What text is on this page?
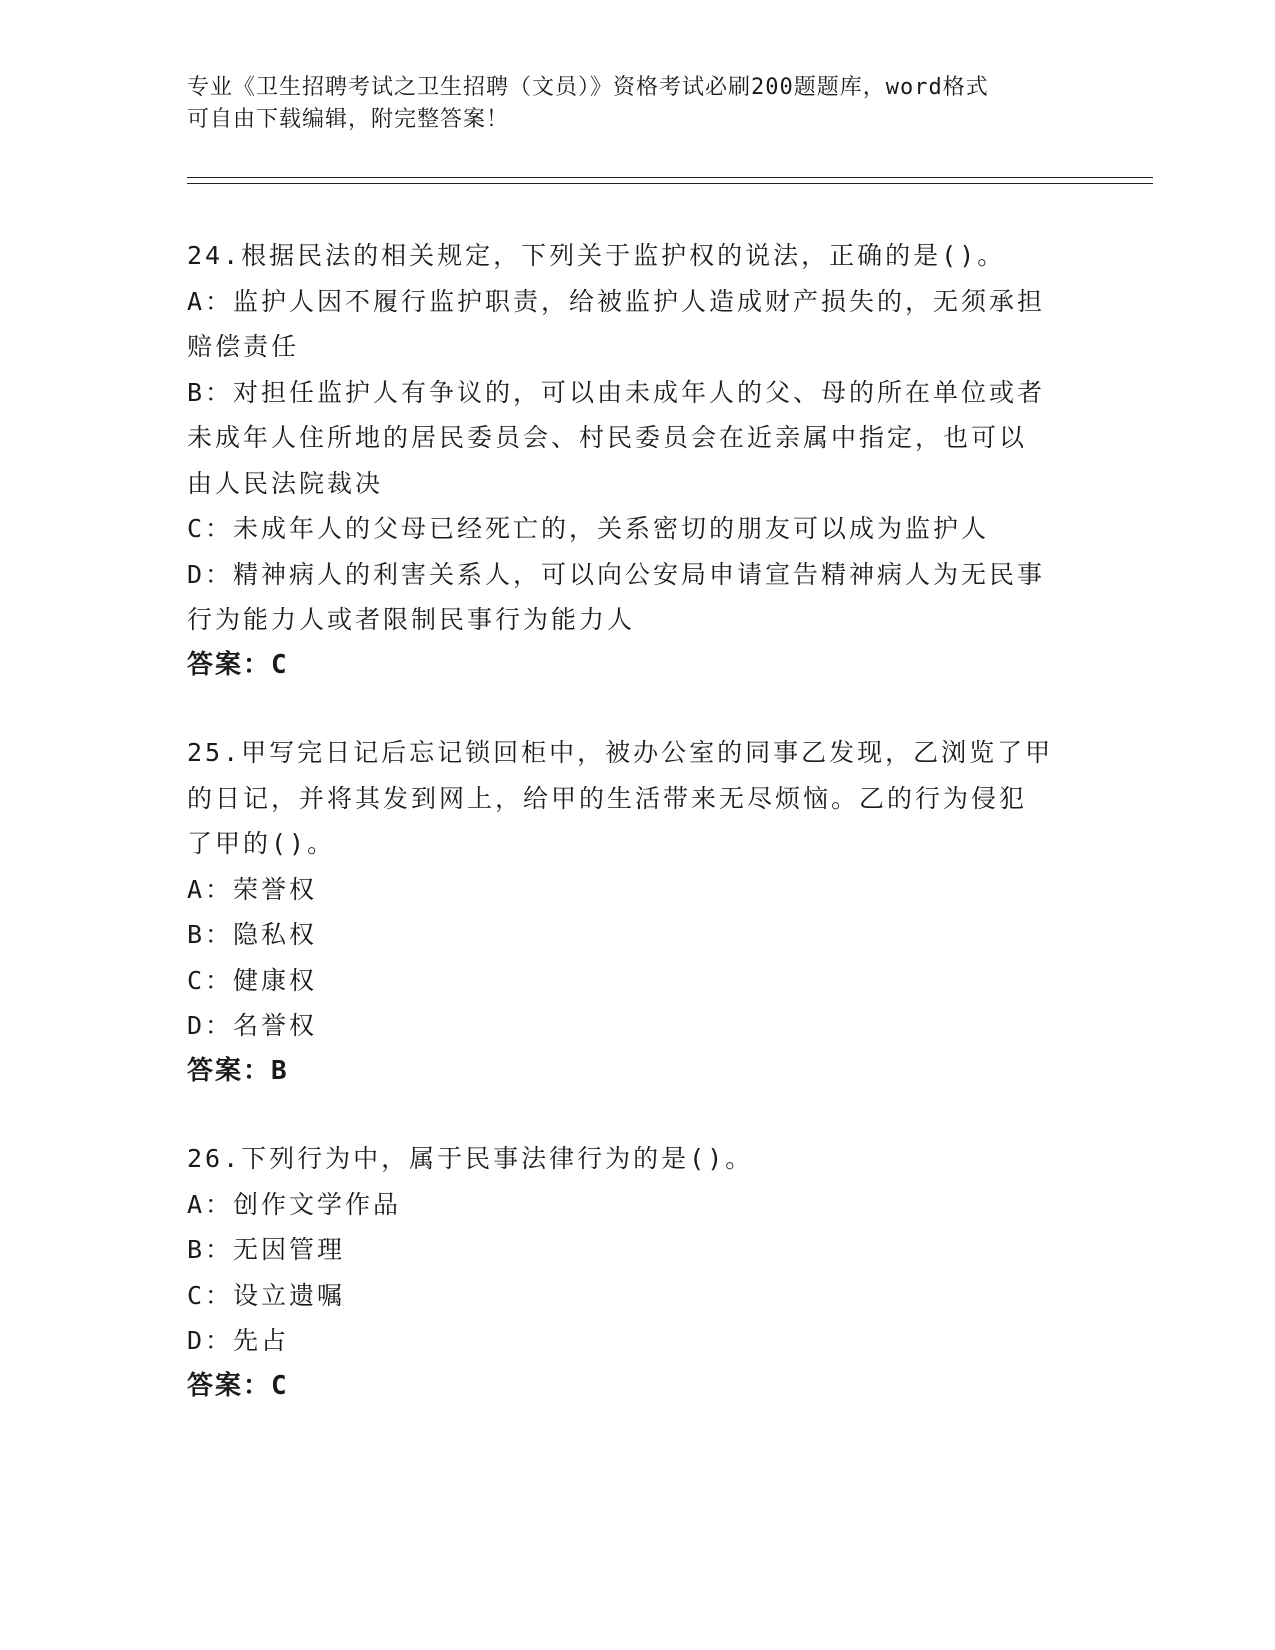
专业《卫生招聘考试之卫生招聘（文员）》资格考试必刷200题题库，word格式
可自由下载编辑，附完整答案！
24.根据民法的相关规定，下列关于监护权的说法，正确的是()。
A：监护人因不履行监护职责，给被监护人造成财产损失的，无须承担
赔偿责任
B：对担任监护人有争议的，可以由未成年人的父、母的所在单位或者
未成年人住所地的居民委员会、村民委员会在近亲属中指定，也可以
由人民法院裁决
C：未成年人的父母已经死亡的，关系密切的朋友可以成为监护人
D：精神病人的利害关系人，可以向公安局申请宣告精神病人为无民事
行为能力人或者限制民事行为能力人
答案：C
25.甲写完日记后忘记锁回柜中，被办公室的同事乙发现，乙浏览了甲
的日记，并将其发到网上，给甲的生活带来无尽烦恼。乙的行为侵犯
了甲的()。
A：荣誉权
B：隐私权
C：健康权
D：名誉权
答案：B
26.下列行为中，属于民事法律行为的是()。
A：创作文学作品
B：无因管理
C：设立遗嘱
D：先占
答案：C
